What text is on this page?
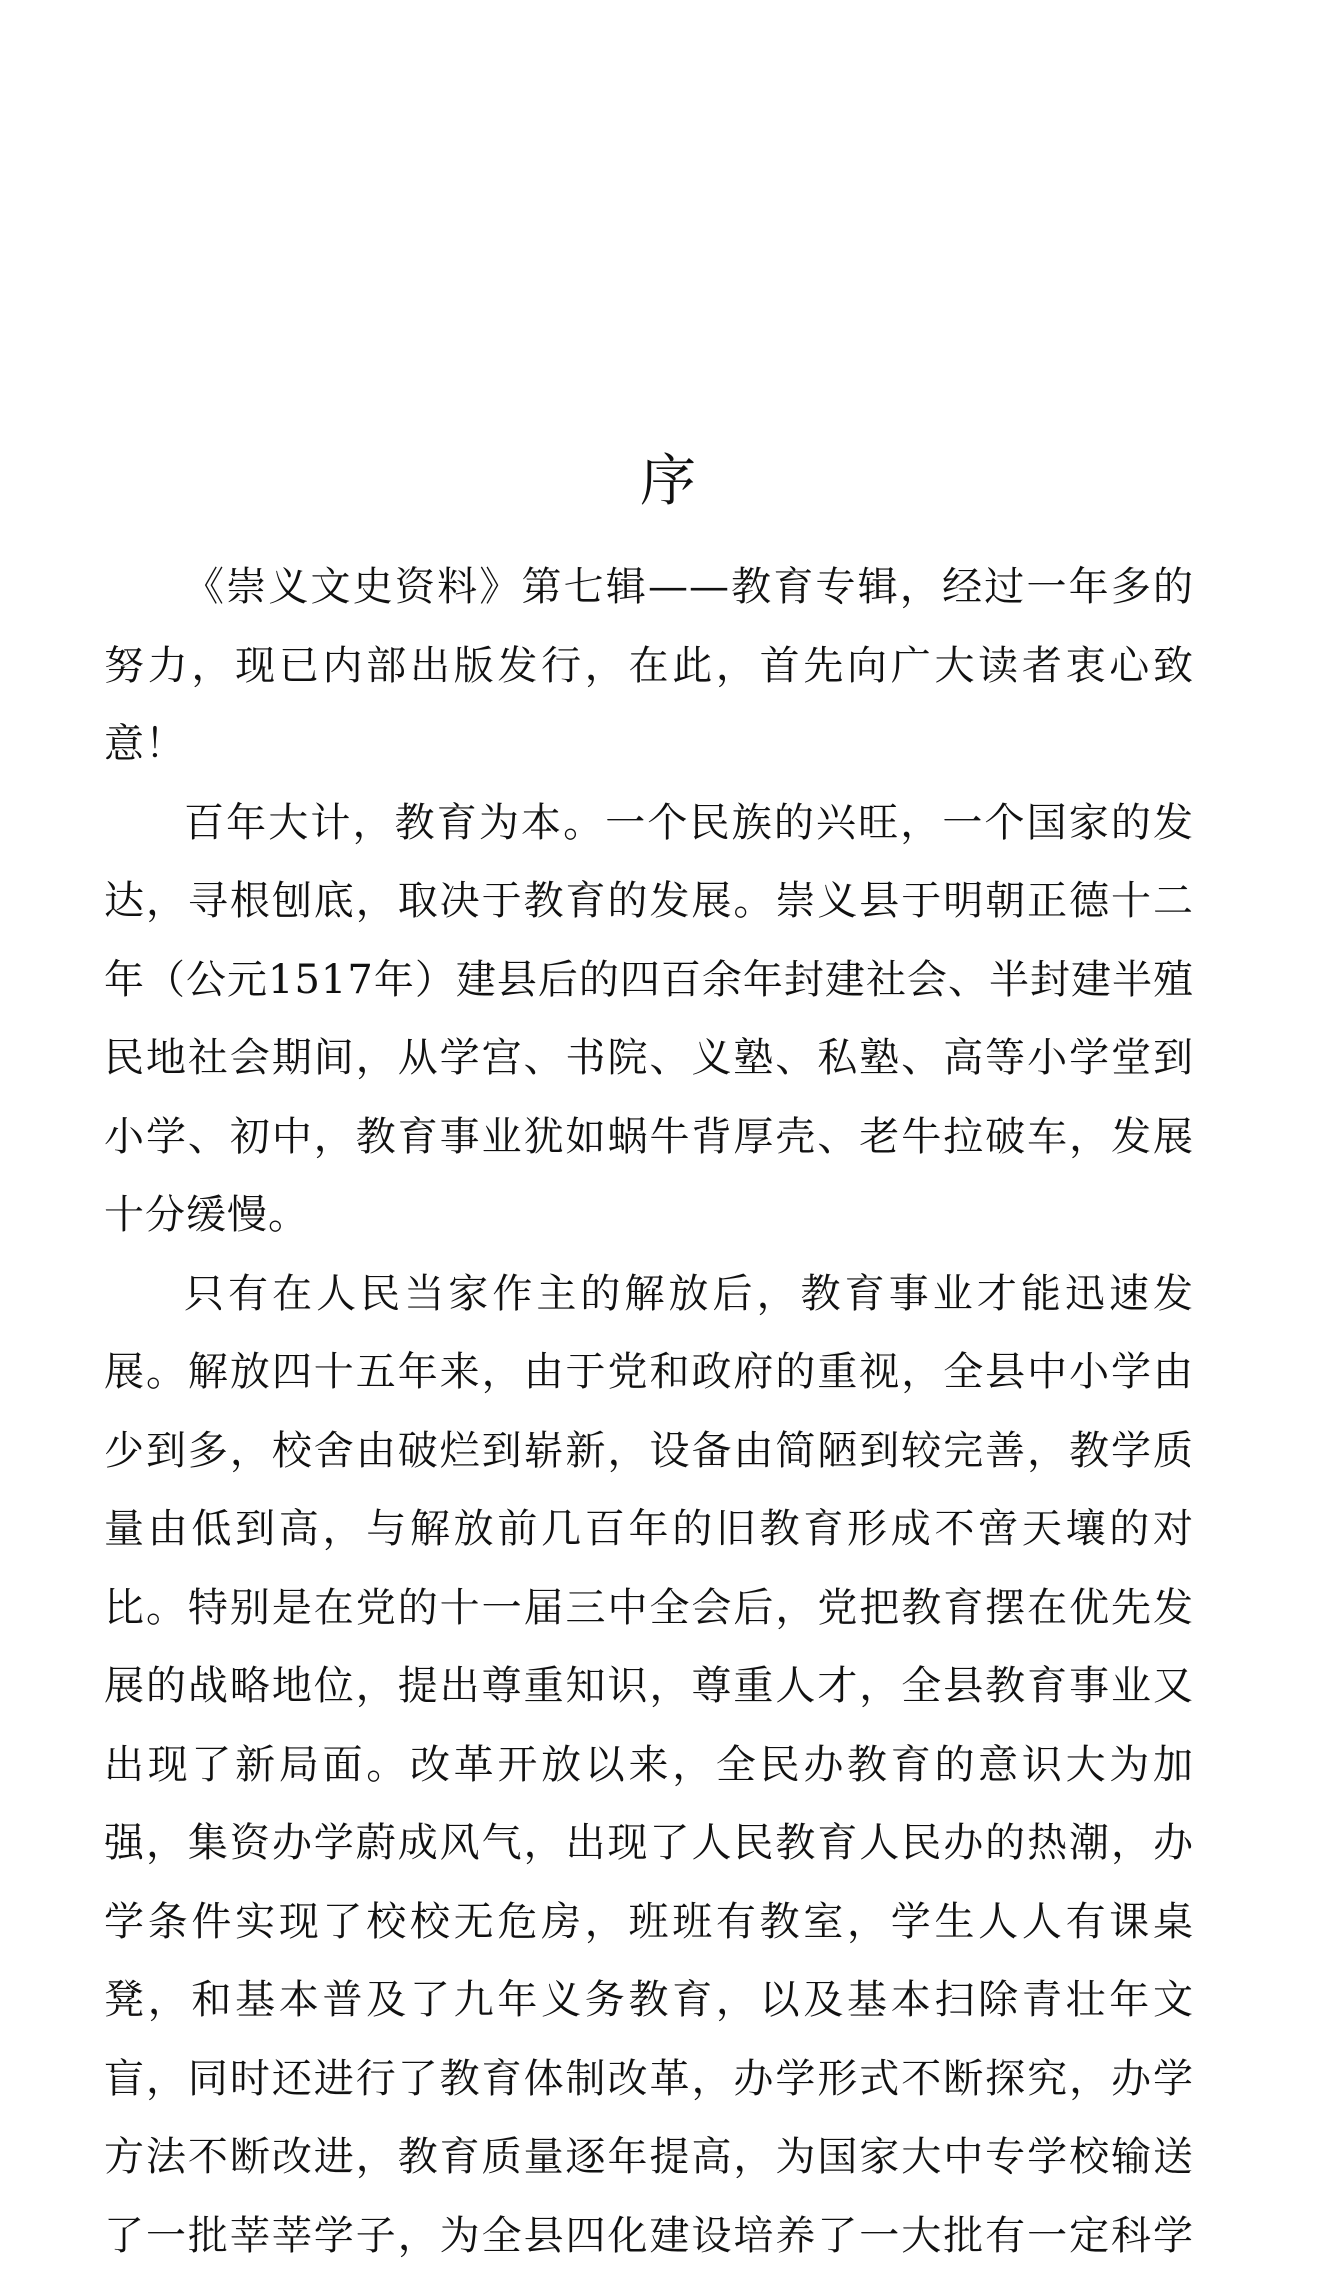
序

《崇义文史资料》第七辑——教育专辑，经过一年多的努力，现已内部出版发行，在此，首先向广大读者衷心致意！

百年大计，教育为本。一个民族的兴旺，一个国家的发达，寻根刨底，取决于教育的发展。崇义县于明朝正德十二年（公元1517年）建县后的四百余年封建社会、半封建半殖民地社会期间，从学宫、书院、义塾、私塾、高等小学堂到小学、初中，教育事业犹如蜗牛背厚壳、老牛拉破车，发展十分缓慢。

只有在人民当家作主的解放后，教育事业才能迅速发展。解放四十五年来，由于党和政府的重视，全县中小学由少到多，校舍由破烂到崭新，设备由简陋到较完善，教学质量由低到高，与解放前几百年的旧教育形成不啻天壤的对比。特别是在党的十一届三中全会后，党把教育摆在优先发展的战略地位，提出尊重知识，尊重人才，全县教育事业又出现了新局面。改革开放以来，全民办教育的意识大为加强，集资办学蔚成风气，出现了人民教育人民办的热潮，办学条件实现了校校无危房，班班有教室，学生人人有课桌凳，和基本普及了九年义务教育，以及基本扫除青壮年文盲，同时还进行了教育体制改革，办学形式不断探究，办学方法不断改进，教育质量逐年提高，为国家大中专学校输送了一批莘莘学子，为全县四化建设培养了一大批有一定科学
